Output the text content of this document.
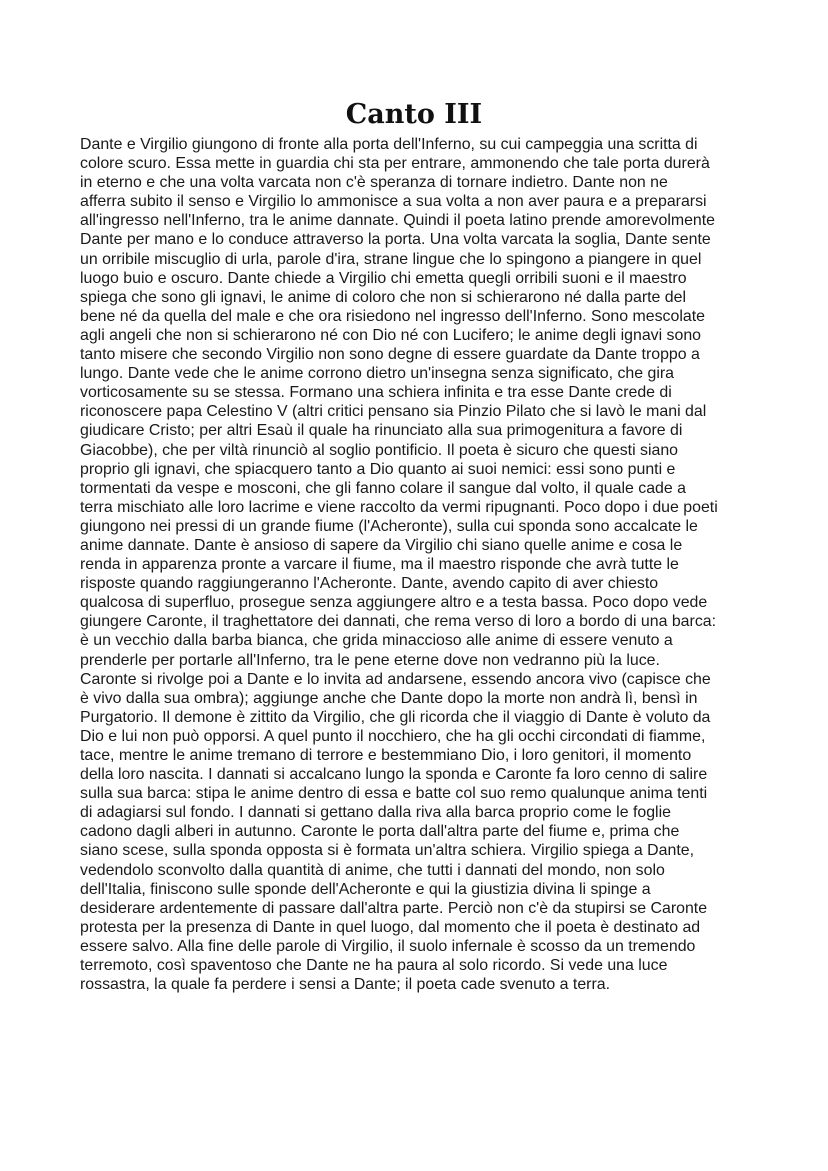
Canto III
Dante e Virgilio giungono di fronte alla porta dell'Inferno, su cui campeggia una scritta di
colore scuro. Essa mette in guardia chi sta per entrare, ammonendo che tale porta durerà
in eterno e che una volta varcata non c'è speranza di tornare indietro. Dante non ne
afferra subito il senso e Virgilio lo ammonisce a sua volta a non aver paura e a prepararsi
all'ingresso nell'Inferno, tra le anime dannate. Quindi il poeta latino prende amorevolmente
Dante per mano e lo conduce attraverso la porta. Una volta varcata la soglia, Dante sente
un orribile miscuglio di urla, parole d'ira, strane lingue che lo spingono a piangere in quel
luogo buio e oscuro. Dante chiede a Virgilio chi emetta quegli orribili suoni e il maestro
spiega che sono gli ignavi, le anime di coloro che non si schierarono né dalla parte del
bene né da quella del male e che ora risiedono nel ingresso dell'Inferno. Sono mescolate
agli angeli che non si schierarono né con Dio né con Lucifero; le anime degli ignavi sono
tanto misere che secondo Virgilio non sono degne di essere guardate da Dante troppo a
lungo. Dante vede che le anime corrono dietro un'insegna senza significato, che gira
vorticosamente su se stessa. Formano una schiera infinita e tra esse Dante crede di
riconoscere papa Celestino V (altri critici pensano sia Pinzio Pilato che si lavò le mani dal
giudicare Cristo; per altri Esaù il quale ha rinunciato alla sua primogenitura a favore di
Giacobbe), che per viltà rinunciò al soglio pontificio. Il poeta è sicuro che questi siano
proprio gli ignavi, che spiacquero tanto a Dio quanto ai suoi nemici: essi sono punti e
tormentati da vespe e mosconi, che gli fanno colare il sangue dal volto, il quale cade a
terra mischiato alle loro lacrime e viene raccolto da vermi ripugnanti. Poco dopo i due poeti
giungono nei pressi di un grande fiume (l'Acheronte), sulla cui sponda sono accalcate le
anime dannate. Dante è ansioso di sapere da Virgilio chi siano quelle anime e cosa le
renda in apparenza pronte a varcare il fiume, ma il maestro risponde che avrà tutte le
risposte quando raggiungeranno l'Acheronte. Dante, avendo capito di aver chiesto
qualcosa di superfluo, prosegue senza aggiungere altro e a testa bassa. Poco dopo vede
giungere Caronte, il traghettatore dei dannati, che rema verso di loro a bordo di una barca:
è un vecchio dalla barba bianca, che grida minaccioso alle anime di essere venuto a
prenderle per portarle all'Inferno, tra le pene eterne dove non vedranno più la luce.
Caronte si rivolge poi a Dante e lo invita ad andarsene, essendo ancora vivo (capisce che
è vivo dalla sua ombra); aggiunge anche che Dante dopo la morte non andrà lì, bensì in
Purgatorio. Il demone è zittito da Virgilio, che gli ricorda che il viaggio di Dante è voluto da
Dio e lui non può opporsi. A quel punto il nocchiero, che ha gli occhi circondati di fiamme,
tace, mentre le anime tremano di terrore e bestemmiano Dio, i loro genitori, il momento
della loro nascita. I dannati si accalcano lungo la sponda e Caronte fa loro cenno di salire
sulla sua barca: stipa le anime dentro di essa e batte col suo remo qualunque anima tenti
di adagiarsi sul fondo. I dannati si gettano dalla riva alla barca proprio come le foglie
cadono dagli alberi in autunno. Caronte le porta dall'altra parte del fiume e, prima che
siano scese, sulla sponda opposta si è formata un'altra schiera. Virgilio spiega a Dante,
vedendolo sconvolto dalla quantità di anime, che tutti i dannati del mondo, non solo
dell'Italia, finiscono sulle sponde dell'Acheronte e qui la giustizia divina li spinge a
desiderare ardentemente di passare dall'altra parte. Perciò non c'è da stupirsi se Caronte
protesta per la presenza di Dante in quel luogo, dal momento che il poeta è destinato ad
essere salvo. Alla fine delle parole di Virgilio, il suolo infernale è scosso da un tremendo
terremoto, così spaventoso che Dante ne ha paura al solo ricordo. Si vede una luce
rossastra, la quale fa perdere i sensi a Dante; il poeta cade svenuto a terra.
